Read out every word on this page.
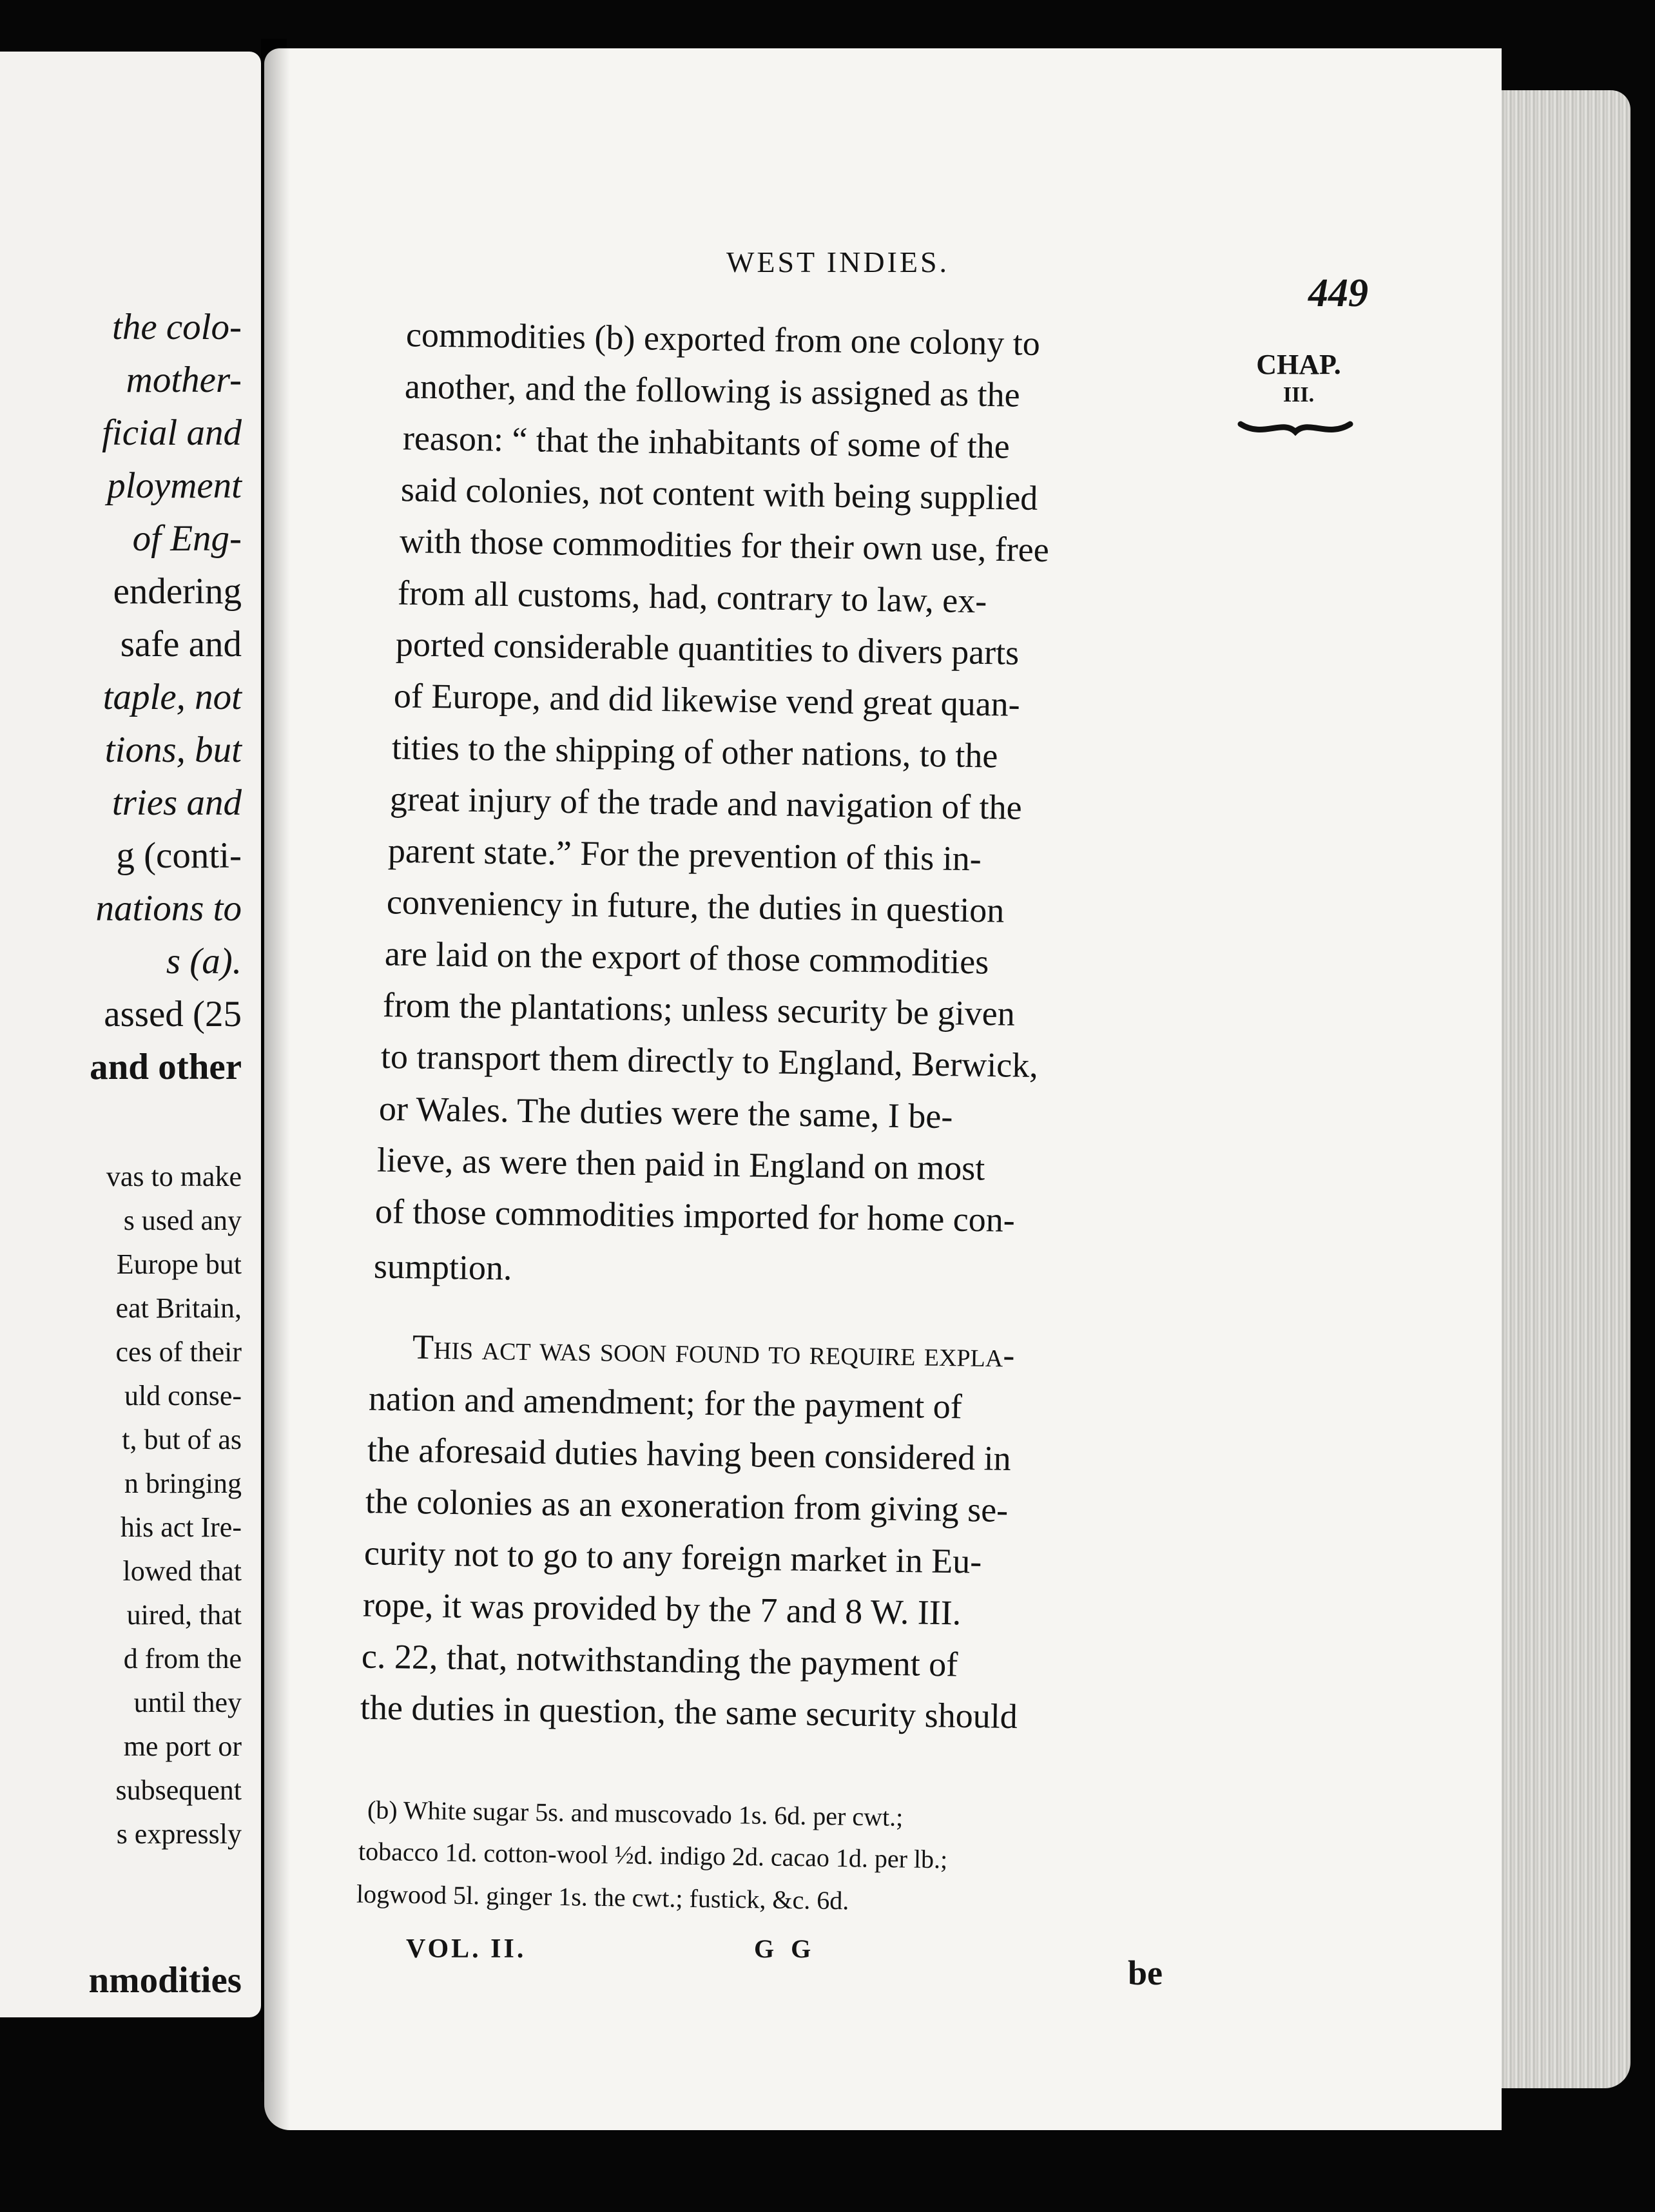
the colo-
mother-
ficial and
ployment
of Eng-
endering
safe and
taple, not
tions, but
tries and
g (conti-
nations to
s (a).
assed (25
and other
vas to make
s used any
Europe but
eat Britain,
ces of their
uld conse-
t, but of as
n bringing
his act Ire-
lowed that
uired, that
d from the
until they
me port or
subsequent
s expressly
nmodities
WEST INDIES.
449
CHAP.
III.
commodities (b) exported from one colony to
another, and the following is assigned as the
reason: “ that the inhabitants of some of the
said colonies, not content with being supplied
with those commodities for their own use, free
from all customs, had, contrary to law, ex-
ported considerable quantities to divers parts
of Europe, and did likewise vend great quan-
tities to the shipping of other nations, to the
great injury of the trade and navigation of the
parent state.” For the prevention of this in-
conveniency in future, the duties in question
are laid on the export of those commodities
from the plantations; unless security be given
to transport them directly to England, Berwick,
or Wales. The duties were the same, I be-
lieve, as were then paid in England on most
of those commodities imported for home con-
sumption.
This act was soon found to require expla-
nation and amendment; for the payment of
the aforesaid duties having been considered in
the colonies as an exoneration from giving se-
curity not to go to any foreign market in Eu-
rope, it was provided by the 7 and 8 W. III.
c. 22, that, notwithstanding the payment of
the duties in question, the same security should
(b) White sugar 5s. and muscovado 1s. 6d. per cwt.;
tobacco 1d. cotton-wool ½d. indigo 2d. cacao 1d. per lb.;
logwood 5l. ginger 1s. the cwt.; fustick, &c. 6d.
VOL. II.	G G
be
